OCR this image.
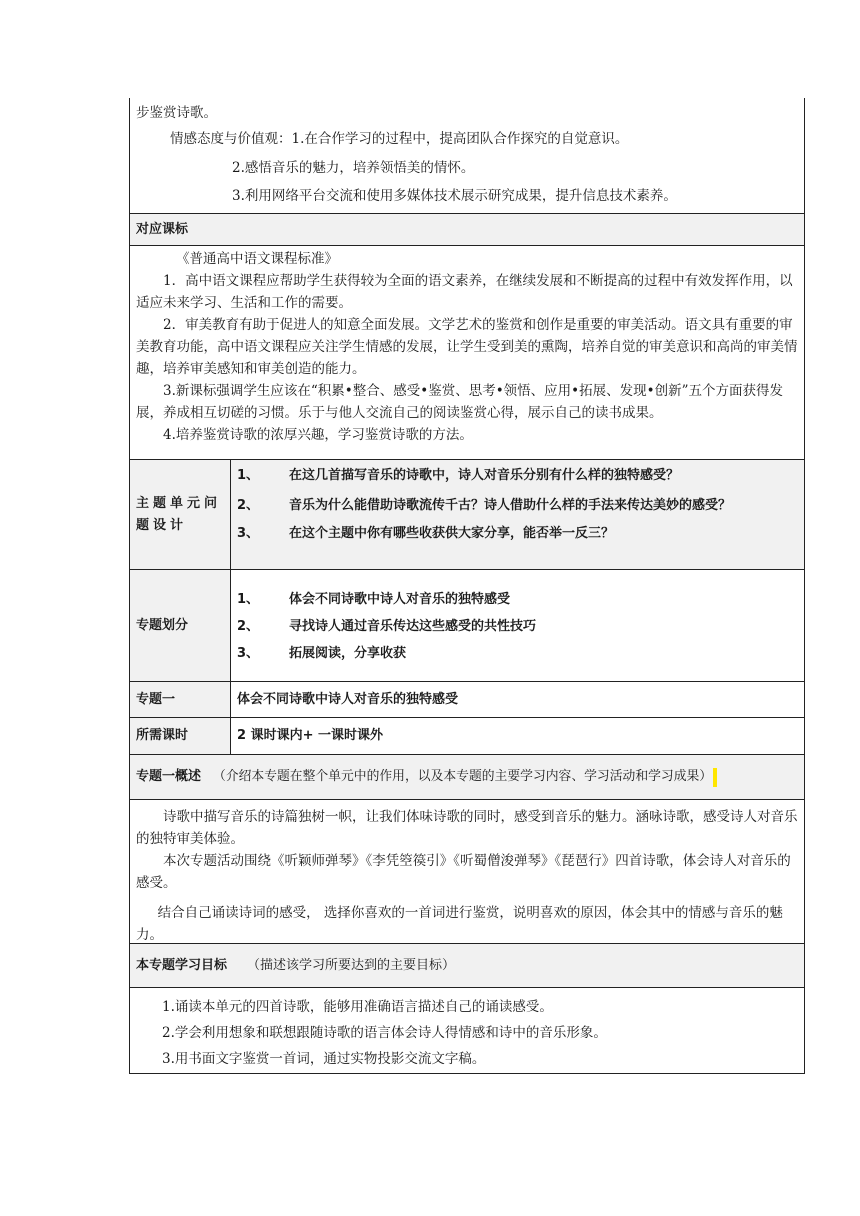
步鉴赏诗歌。

情感态度与价值观：1.在合作学习的过程中，提高团队合作探究的自觉意识。

2.感悟音乐的魅力，培养领悟美的情怀。

3.利用网络平台交流和使用多媒体技术展示研究成果，提升信息技术素养。

对应课标

《普通高中语文课程标准》

1．高中语文课程应帮助学生获得较为全面的语文素养，在继续发展和不断提高的过程中有效发挥作用，以适应未来学习、生活和工作的需要。

2．审美教育有助于促进人的知意全面发展。文学艺术的鉴赏和创作是重要的审美活动。语文具有重要的审美教育功能，高中语文课程应关注学生情感的发展，让学生受到美的熏陶，培养自觉的审美意识和高尚的审美情趣，培养审美感知和审美创造的能力。

3.新课标强调学生应该在“积累•整合、感受•鉴赏、思考•领悟、应用•拓展、发现•创新”五个方面获得发展，养成相互切磋的习惯。乐于与他人交流自己的阅读鉴赏心得，展示自己的读书成果。

4.培养鉴赏诗歌的浓厚兴趣，学习鉴赏诗歌的方法。

主题单元问题设计
1、	在这几首描写音乐的诗歌中，诗人对音乐分别有什么样的独特感受？
2、	音乐为什么能借助诗歌流传千古？诗人借助什么样的手法来传达美妙的感受？
3、	在这个主题中你有哪些收获供大家分享，能否举一反三？
专题划分
1、	体会不同诗歌中诗人对音乐的独特感受
2、	寻找诗人通过音乐传达这些感受的共性技巧
3、	拓展阅读，分享收获
专题一	体会不同诗歌中诗人对音乐的独特感受
所需课时	2 课时课内+ 一课时课外
专题一概述 （介绍本专题在整个单元中的作用，以及本专题的主要学习内容、学习活动和学习成果）

诗歌中描写音乐的诗篇独树一帜，让我们体味诗歌的同时，感受到音乐的魅力。涵咏诗歌，感受诗人对音乐的独特审美体验。

本次专题活动围绕《听颖师弹琴》《李凭箜篌引》《听蜀僧浚弹琴》《琵琶行》四首诗歌，体会诗人对音乐的感受。

结合自己诵读诗词的感受， 选择你喜欢的一首词进行鉴赏，说明喜欢的原因，体会其中的情感与音乐的魅力。

本专题学习目标 （描述该学习所要达到的主要目标）

1.诵读本单元的四首诗歌，能够用准确语言描述自己的诵读感受。

2.学会利用想象和联想跟随诗歌的语言体会诗人得情感和诗中的音乐形象。

3.用书面文字鉴赏一首词，通过实物投影交流文字稿。
